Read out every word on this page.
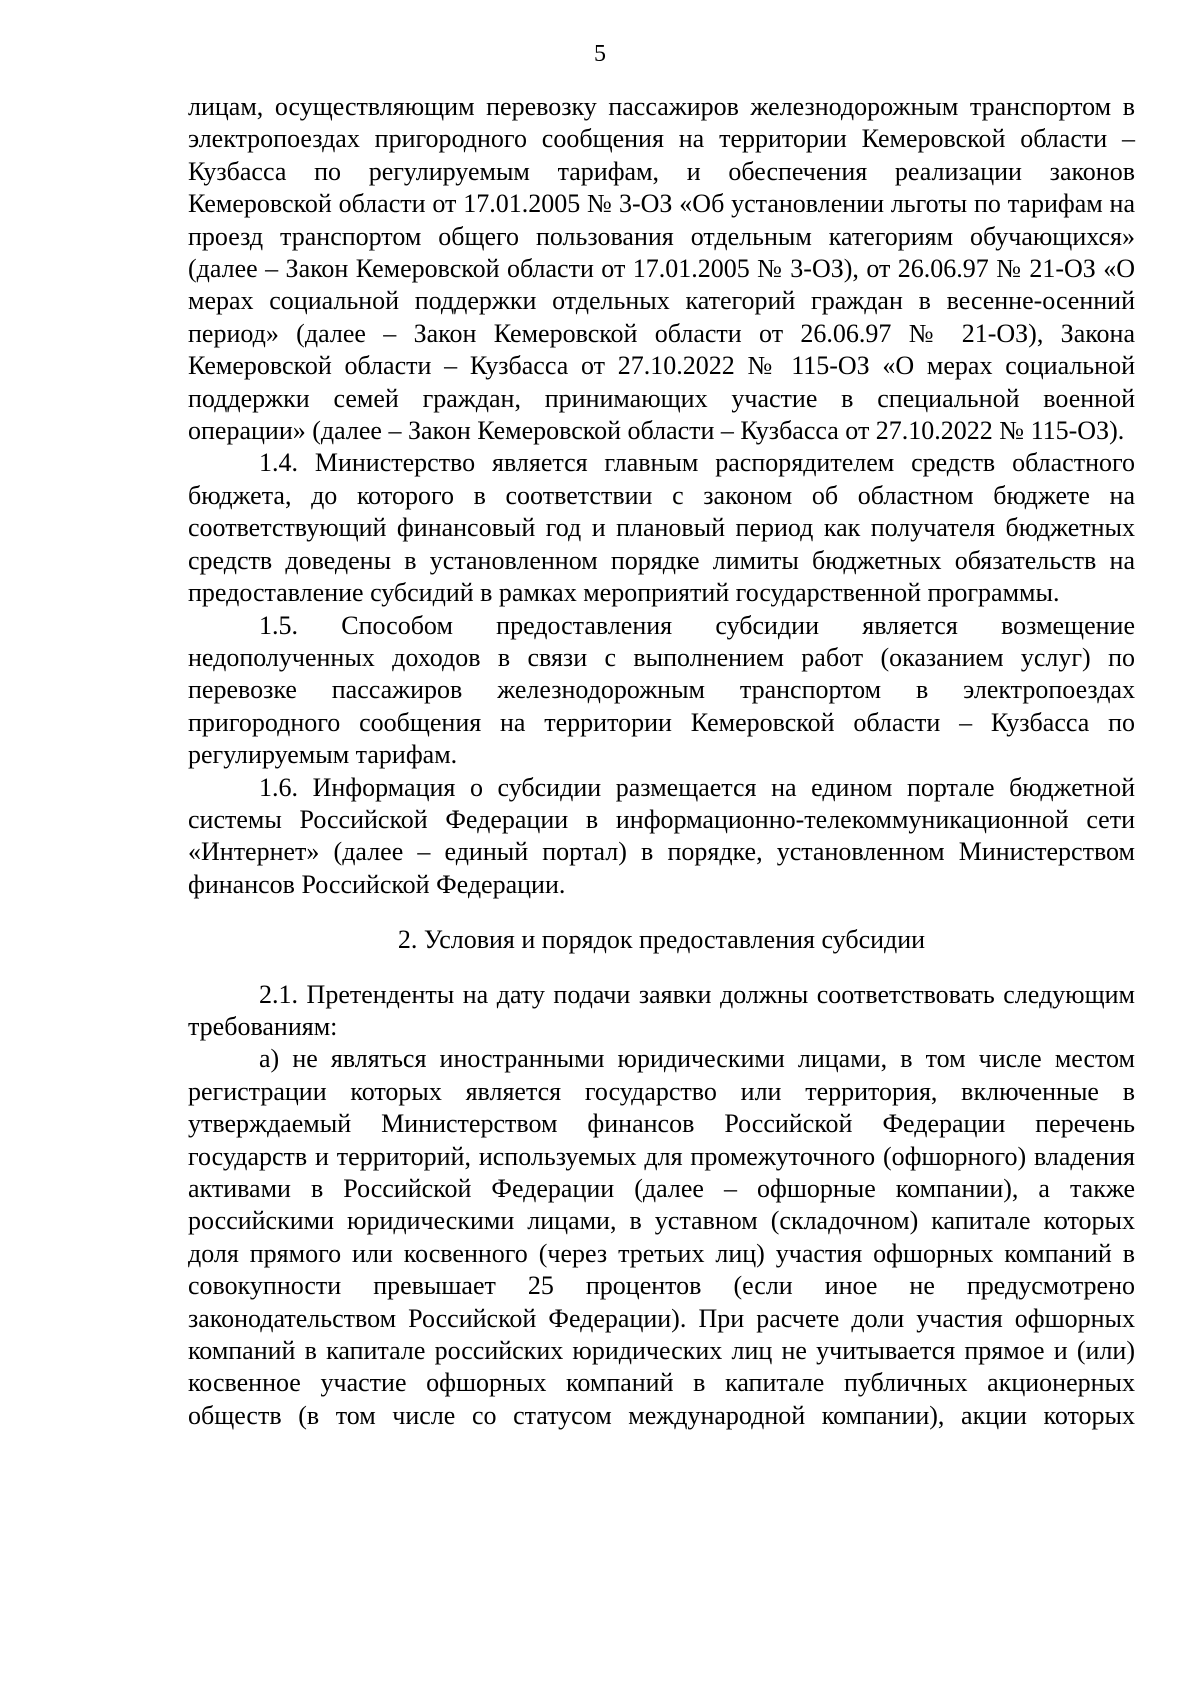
5

лицам, осуществляющим перевозку пассажиров железнодорожным транспортом в электропоездах пригородного сообщения на территории Кемеровской области – Кузбасса по регулируемым тарифам, и обеспечения реализации законов Кемеровской области от 17.01.2005 № 3-ОЗ «Об установлении льготы по тарифам на проезд транспортом общего пользования отдельным категориям обучающихся» (далее – Закон Кемеровской области от 17.01.2005 № 3-ОЗ), от 26.06.97 № 21-ОЗ «О мерах социальной поддержки отдельных категорий граждан в весенне-осенний период» (далее – Закон Кемеровской области от 26.06.97 № 21-ОЗ), Закона Кемеровской области – Кузбасса от 27.10.2022 № 115-ОЗ «О мерах социальной поддержки семей граждан, принимающих участие в специальной военной операции» (далее – Закон Кемеровской области – Кузбасса от 27.10.2022 № 115-ОЗ).

1.4. Министерство является главным распорядителем средств областного бюджета, до которого в соответствии с законом об областном бюджете на соответствующий финансовый год и плановый период как получателя бюджетных средств доведены в установленном порядке лимиты бюджетных обязательств на предоставление субсидий в рамках мероприятий государственной программы.

1.5. Способом предоставления субсидии является возмещение недополученных доходов в связи с выполнением работ (оказанием услуг) по перевозке пассажиров железнодорожным транспортом в электропоездах пригородного сообщения на территории Кемеровской области – Кузбасса по регулируемым тарифам.

1.6. Информация о субсидии размещается на едином портале бюджетной системы Российской Федерации в информационно-телекоммуникационной сети «Интернет» (далее – единый портал) в порядке, установленном Министерством финансов Российской Федерации.

2. Условия и порядок предоставления субсидии

2.1. Претенденты на дату подачи заявки должны соответствовать следующим требованиям:

а) не являться иностранными юридическими лицами, в том числе местом регистрации которых является государство или территория, включенные в утверждаемый Министерством финансов Российской Федерации перечень государств и территорий, используемых для промежуточного (офшорного) владения активами в Российской Федерации (далее – офшорные компании), а также российскими юридическими лицами, в уставном (складочном) капитале которых доля прямого или косвенного (через третьих лиц) участия офшорных компаний в совокупности превышает 25 процентов (если иное не предусмотрено законодательством Российской Федерации). При расчете доли участия офшорных компаний в капитале российских юридических лиц не учитывается прямое и (или) косвенное участие офшорных компаний в капитале публичных акционерных обществ (в том числе со статусом международной компании), акции которых
